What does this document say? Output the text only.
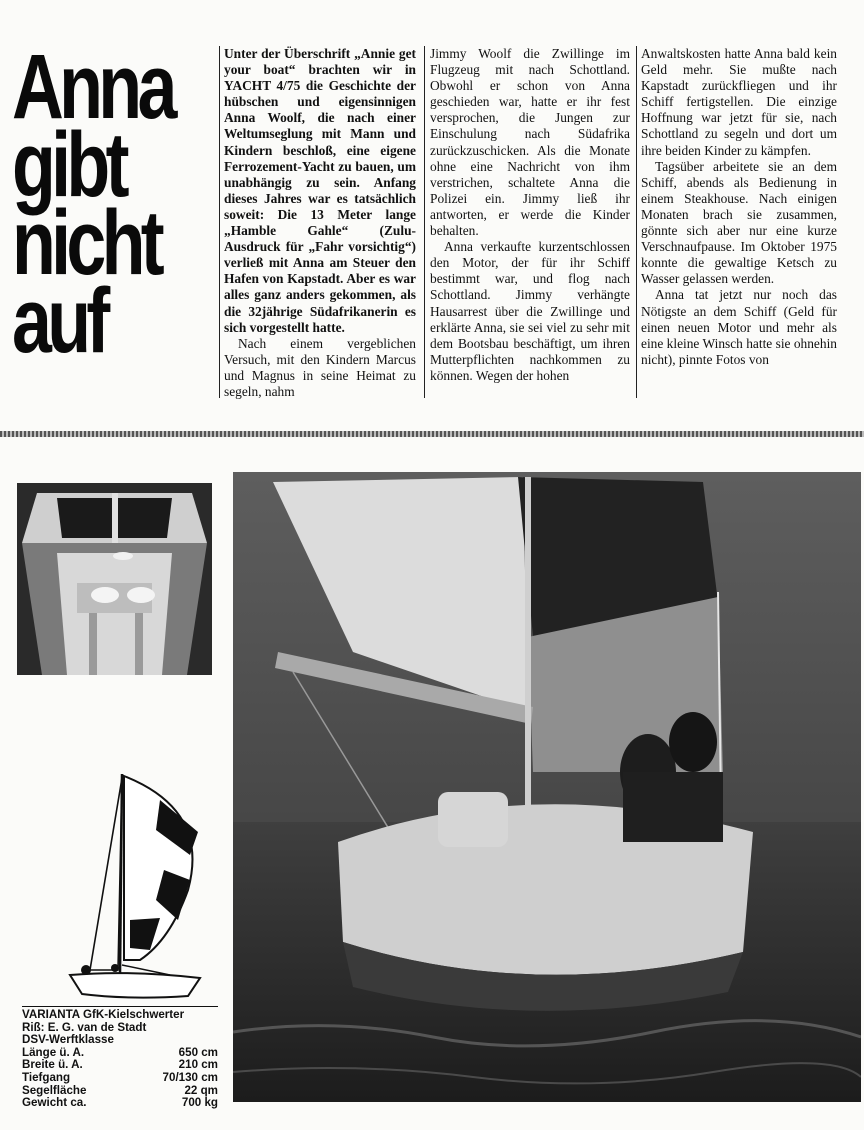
Anna
gibt
nicht
auf

Unter der Überschrift „Annie get your boat“ brachten wir in YACHT 4/75 die Geschichte der hübschen und eigensinnigen Anna Woolf, die nach einer Weltumseglung mit Mann und Kindern beschloß, eine eigene Ferrozement-Yacht zu bauen, um unabhängig zu sein. Anfang dieses Jahres war es tatsächlich soweit: Die 13 Meter lange „Hamble Gahle“ (Zulu-Ausdruck für „Fahr vorsichtig“) verließ mit Anna am Steuer den Hafen von Kapstadt. Aber es war alles ganz anders gekommen, als die 32jährige Südafrikanerin es sich vorgestellt hatte.

Nach einem vergeblichen Versuch, mit den Kindern Marcus und Magnus in seine Heimat zu segeln, nahm

Jimmy Woolf die Zwillinge im Flugzeug mit nach Schottland. Obwohl er schon von Anna geschieden war, hatte er ihr fest versprochen, die Jungen zur Einschulung nach Südafrika zurückzuschicken. Als die Monate ohne eine Nachricht von ihm verstrichen, schaltete Anna die Polizei ein. Jimmy ließ ihr antworten, er werde die Kinder behalten.

Anna verkaufte kurzentschlossen den Motor, der für ihr Schiff bestimmt war, und flog nach Schottland. Jimmy verhängte Hausarrest über die Zwillinge und erklärte Anna, sie sei viel zu sehr mit dem Bootsbau beschäftigt, um ihren Mutterpflichten nachkommen zu können. Wegen der hohen

Anwaltskosten hatte Anna bald kein Geld mehr. Sie mußte nach Kapstadt zurückfliegen und ihr Schiff fertigstellen. Die einzige Hoffnung war jetzt für sie, nach Schottland zu segeln und dort um ihre beiden Kinder zu kämpfen.

Tagsüber arbeitete sie an dem Schiff, abends als Bedienung in einem Steakhouse. Nach einigen Monaten brach sie zusammen, gönnte sich aber nur eine kurze Verschnaufpause. Im Oktober 1975 konnte die gewaltige Ketsch zu Wasser gelassen werden.

Anna tat jetzt nur noch das Nötigste an dem Schiff (Geld für einen neuen Motor und mehr als eine kleine Winsch hatte sie ohnehin nicht), pinnte Fotos von

VARIANTA GfK-Kielschwerter
Riß: E. G. van de Stadt
DSV-Werftklasse
Länge ü. A.	650 cm
Breite ü. A.	210 cm
Tiefgang	70/130 cm
Segelfläche	22 qm
Gewicht ca.	700 kg
